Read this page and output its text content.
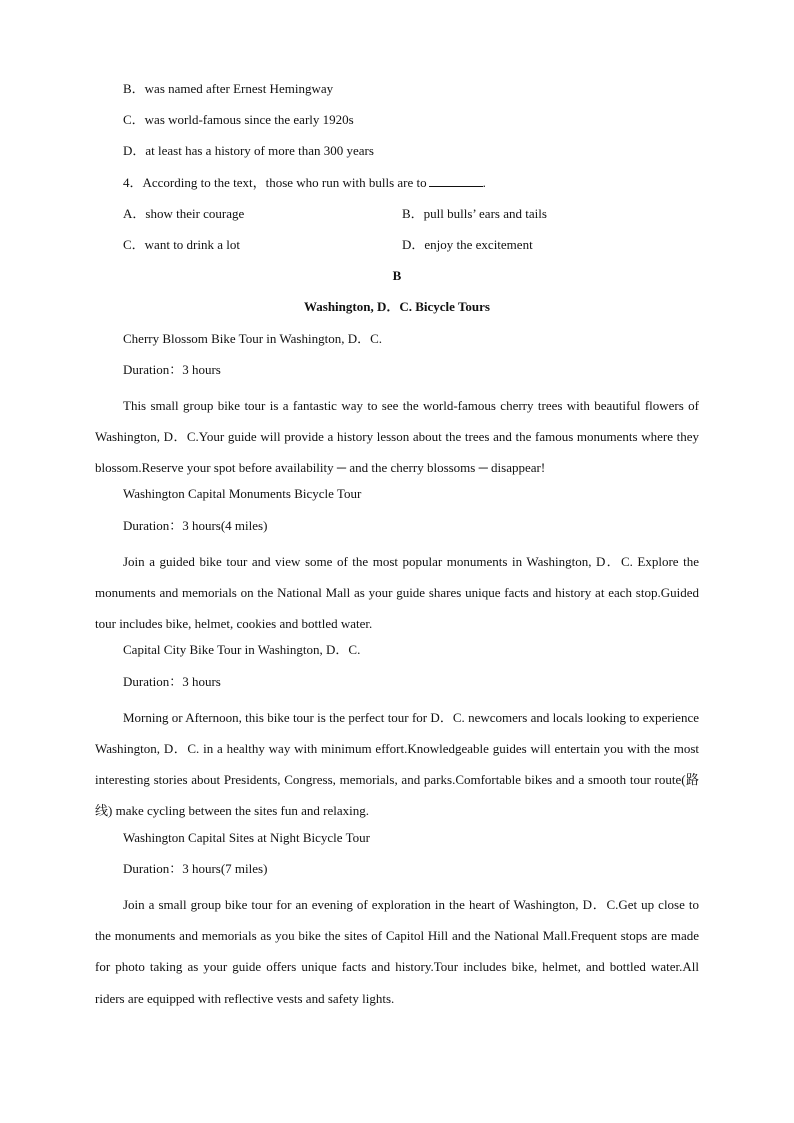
B．was named after Ernest Hemingway
C．was world-famous since the early 1920s
D．at least has a history of more than 300 years
4．According to the text，those who run with bulls are to	.
A．show their courage	B．pull bulls’ ears and tails
C．want to drink a lot	D．enjoy the excitement
B
Washington, D．C. Bicycle Tours
Cherry Blossom Bike Tour in Washington, D．C.
Duration：3 hours

This small group bike tour is a fantastic way to see the world-famous cherry trees with beautiful flowers of Washington, D．C.Your guide will provide a history lesson about the trees and the famous monuments where they blossom.Reserve your spot before availability ─ and the cherry blossoms ─ disappear!

Washington Capital Monuments Bicycle Tour
Duration：3 hours(4 miles)

Join a guided bike tour and view some of the most popular monuments in Washington, D．C. Explore the monuments and memorials on the National Mall as your guide shares unique facts and history at each stop.Guided tour includes bike, helmet, cookies and bottled water.

Capital City Bike Tour in Washington, D．C.
Duration：3 hours

Morning or Afternoon, this bike tour is the perfect tour for D．C. newcomers and locals looking to experience Washington, D．C. in a healthy way with minimum effort.Knowledgeable guides will entertain you with the most interesting stories about Presidents, Congress, memorials, and parks.Comfortable bikes and a smooth tour route(路线) make cycling between the sites fun and relaxing.

Washington Capital Sites at Night Bicycle Tour
Duration：3 hours(7 miles)

Join a small group bike tour for an evening of exploration in the heart of Washington, D．C.Get up close to the monuments and memorials as you bike the sites of Capitol Hill and the National Mall.Frequent stops are made for photo taking as your guide offers unique facts and history.Tour includes bike, helmet, and bottled water.All riders are equipped with reflective vests and safety lights.
